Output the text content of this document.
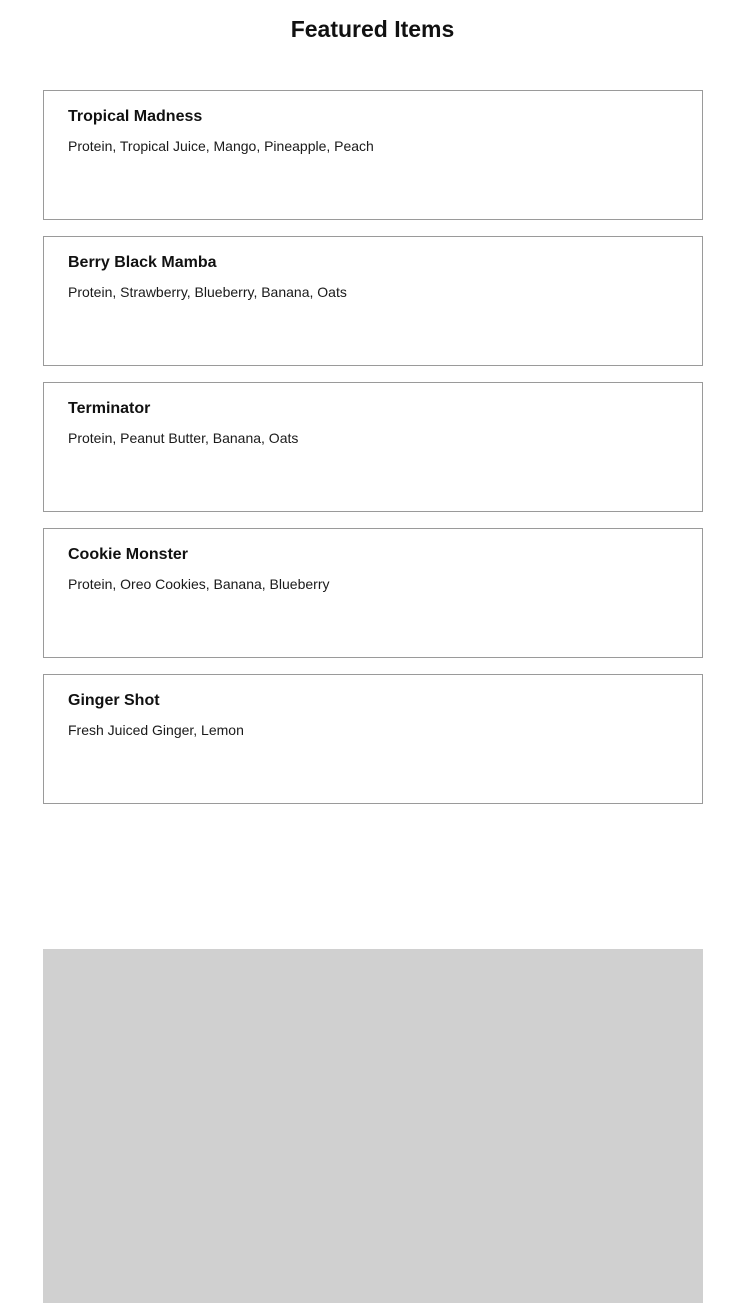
Featured Items
Tropical Madness
Protein, Tropical Juice, Mango, Pineapple, Peach
Berry Black Mamba
Protein, Strawberry, Blueberry, Banana, Oats
Terminator
Protein, Peanut Butter, Banana, Oats
Cookie Monster
Protein, Oreo Cookies, Banana, Blueberry
Ginger Shot
Fresh Juiced Ginger, Lemon
